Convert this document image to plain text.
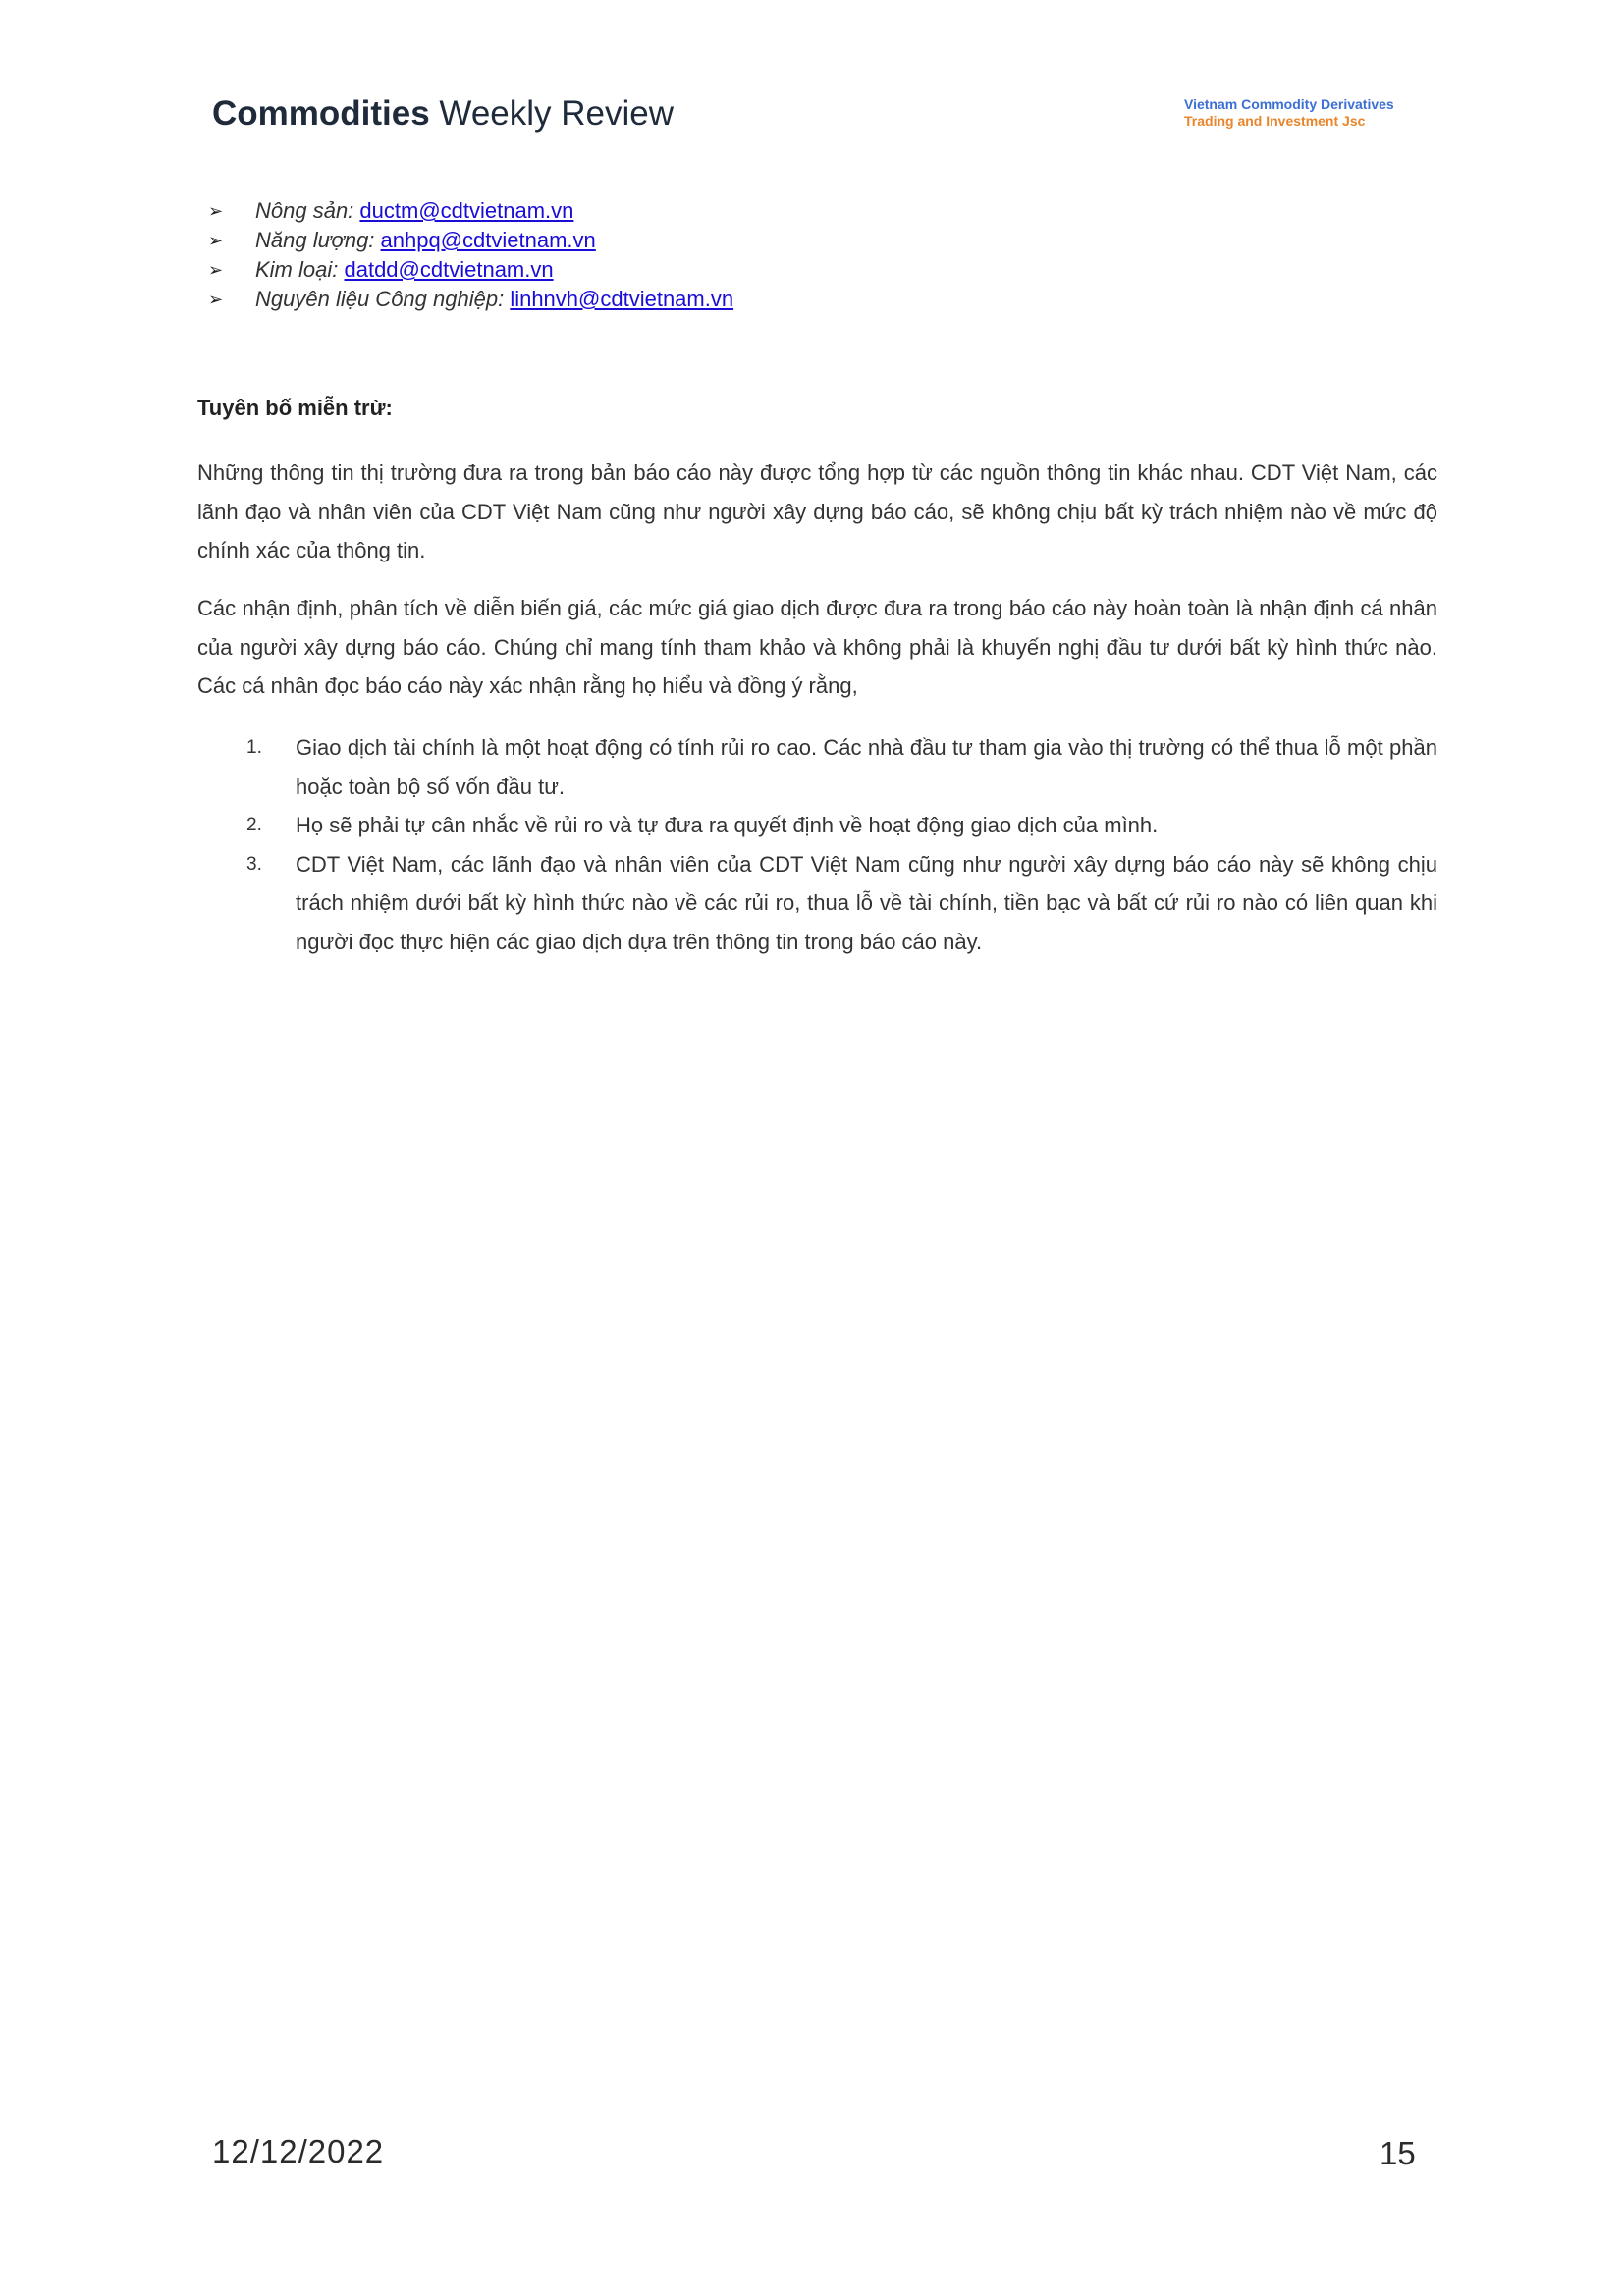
Commodities Weekly Review	Vietnam Commodity Derivatives
Trading and Investment Jsc
➢ Nông sản: ductm@cdtvietnam.vn
➢ Năng lượng: anhpq@cdtvietnam.vn
➢ Kim loại: datdd@cdtvietnam.vn
➢ Nguyên liệu Công nghiệp: linhnvh@cdtvietnam.vn
Tuyên bố miễn trừ:
Những thông tin thị trường đưa ra trong bản báo cáo này được tổng hợp từ các nguồn thông tin khác nhau. CDT Việt Nam, các lãnh đạo và nhân viên của CDT Việt Nam cũng như người xây dựng báo cáo, sẽ không chịu bất kỳ trách nhiệm nào về mức độ chính xác của thông tin.
Các nhận định, phân tích về diễn biến giá, các mức giá giao dịch được đưa ra trong báo cáo này hoàn toàn là nhận định cá nhân của người xây dựng báo cáo. Chúng chỉ mang tính tham khảo và không phải là khuyến nghị đầu tư dưới bất kỳ hình thức nào. Các cá nhân đọc báo cáo này xác nhận rằng họ hiểu và đồng ý rằng,
1. Giao dịch tài chính là một hoạt động có tính rủi ro cao. Các nhà đầu tư tham gia vào thị trường có thể thua lỗ một phần hoặc toàn bộ số vốn đầu tư.
2. Họ sẽ phải tự cân nhắc về rủi ro và tự đưa ra quyết định về hoạt động giao dịch của mình.
3. CDT Việt Nam, các lãnh đạo và nhân viên của CDT Việt Nam cũng như người xây dựng báo cáo này sẽ không chịu trách nhiệm dưới bất kỳ hình thức nào về các rủi ro, thua lỗ về tài chính, tiền bạc và bất cứ rủi ro nào có liên quan khi người đọc thực hiện các giao dịch dựa trên thông tin trong báo cáo này.
12/12/2022	15
